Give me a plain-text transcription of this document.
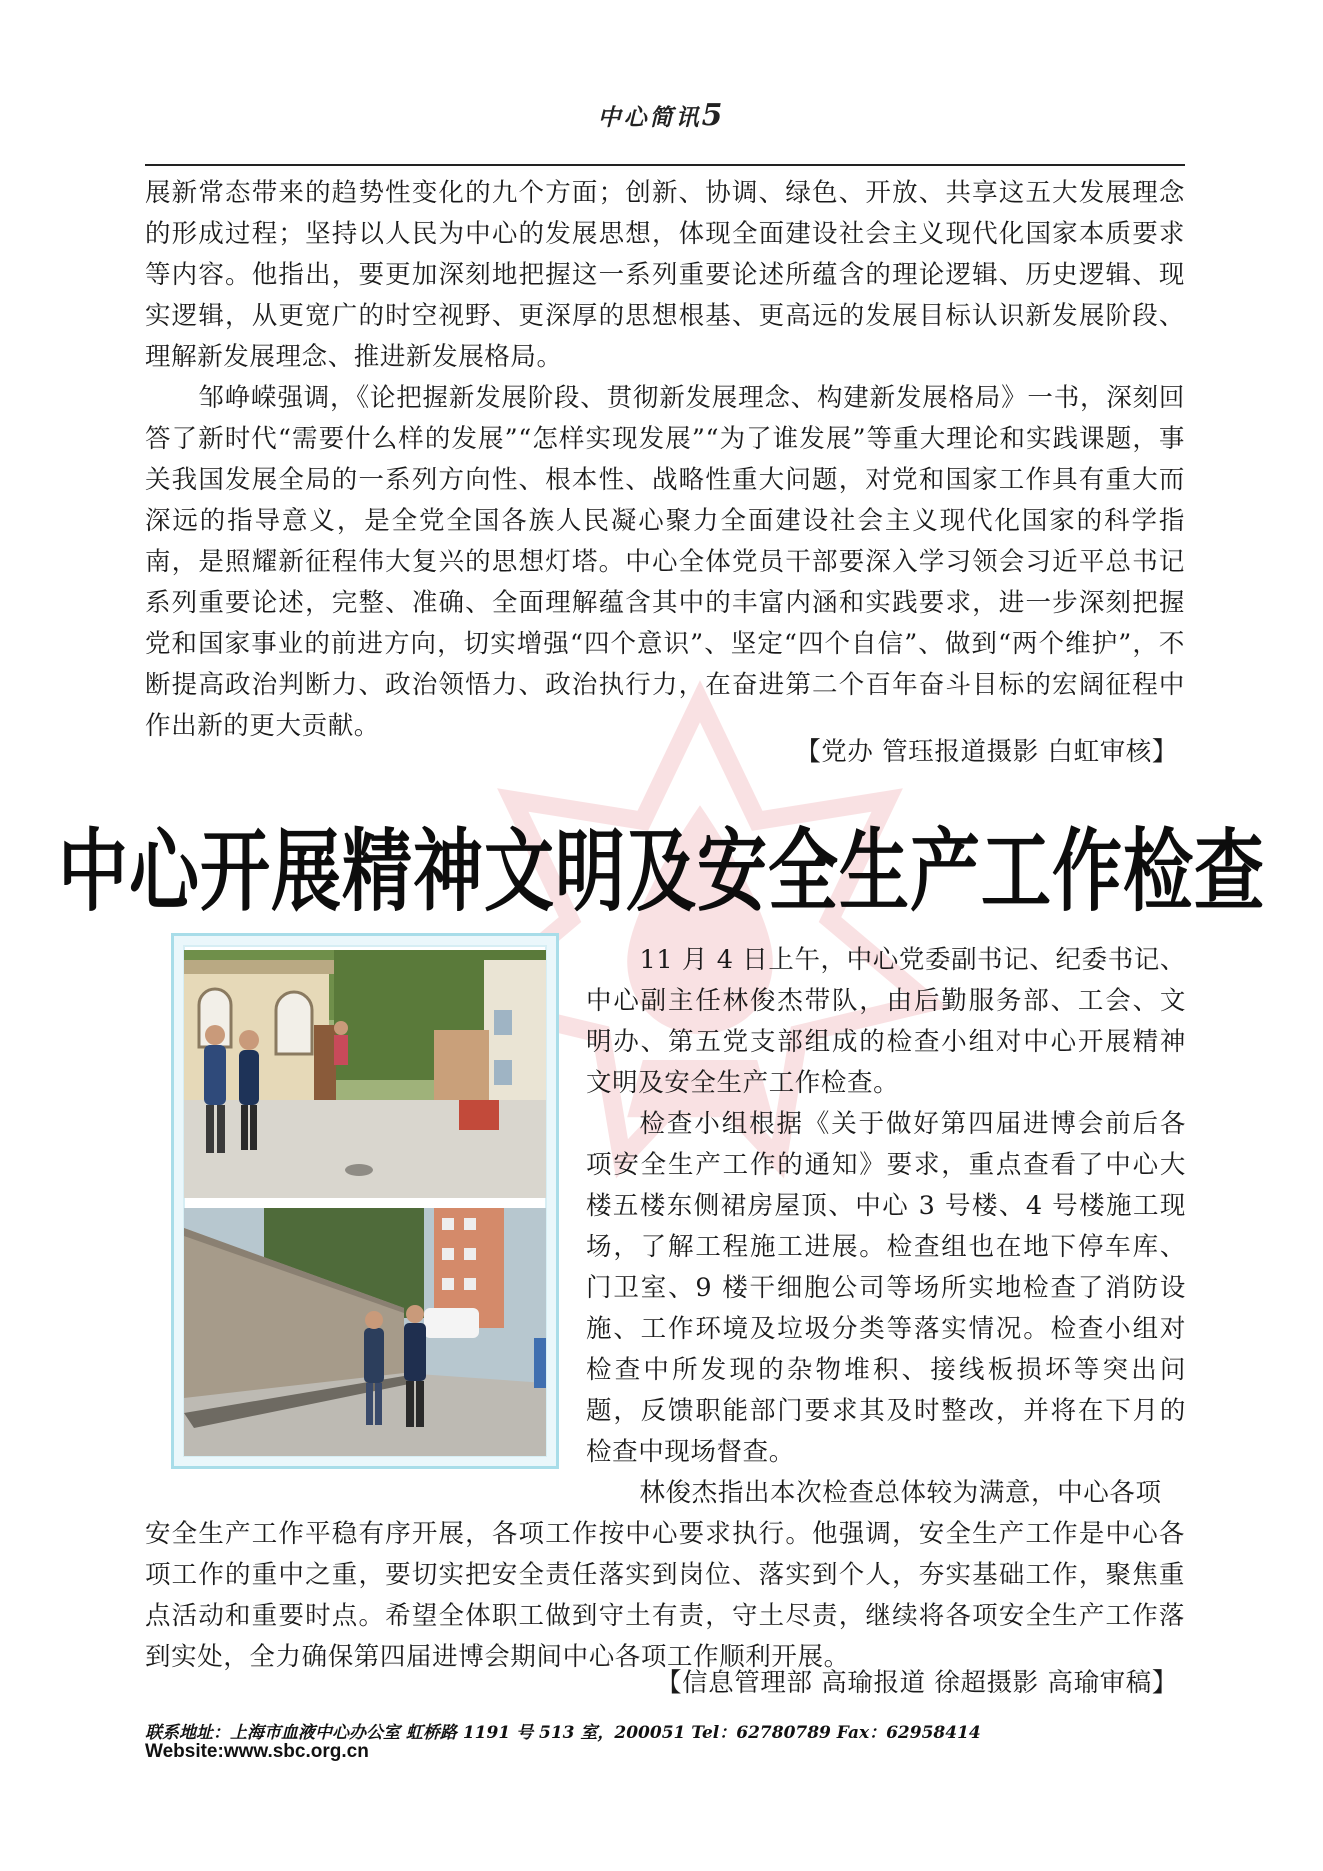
中心简讯5

展新常态带来的趋势性变化的九个方面；创新、协调、绿色、开放、共享这五大发展理念的形成过程；坚持以人民为中心的发展思想，体现全面建设社会主义现代化国家本质要求等内容。他指出，要更加深刻地把握这一系列重要论述所蕴含的理论逻辑、历史逻辑、现实逻辑，从更宽广的时空视野、更深厚的思想根基、更高远的发展目标认识新发展阶段、理解新发展理念、推进新发展格局。

邹峥嵘强调，《论把握新发展阶段、贯彻新发展理念、构建新发展格局》一书，深刻回答了新时代“需要什么样的发展”“怎样实现发展”“为了谁发展”等重大理论和实践课题，事关我国发展全局的一系列方向性、根本性、战略性重大问题，对党和国家工作具有重大而深远的指导意义，是全党全国各族人民凝心聚力全面建设社会主义现代化国家的科学指南，是照耀新征程伟大复兴的思想灯塔。中心全体党员干部要深入学习领会习近平总书记系列重要论述，完整、准确、全面理解蕴含其中的丰富内涵和实践要求，进一步深刻把握党和国家事业的前进方向，切实增强“四个意识”、坚定“四个自信”、做到“两个维护”，不断提高政治判断力、政治领悟力、政治执行力，在奋进第二个百年奋斗目标的宏阔征程中作出新的更大贡献。

【党办 管珏报道摄影 白虹审核】
中心开展精神文明及安全生产工作检查

11 月 4 日上午，中心党委副书记、纪委书记、中心副主任林俊杰带队，由后勤服务部、工会、文明办、第五党支部组成的检查小组对中心开展精神文明及安全生产工作检查。

检查小组根据《关于做好第四届进博会前后各项安全生产工作的通知》要求，重点查看了中心大楼五楼东侧裙房屋顶、中心 3 号楼、4 号楼施工现场，了解工程施工进展。检查组也在地下停车库、门卫室、9 楼干细胞公司等场所实地检查了消防设施、工作环境及垃圾分类等落实情况。检查小组对检查中所发现的杂物堆积、接线板损坏等突出问题，反馈职能部门要求其及时整改，并将在下月的检查中现场督查。

林俊杰指出本次检查总体较为满意，中心各项

安全生产工作平稳有序开展，各项工作按中心要求执行。他强调，安全生产工作是中心各项工作的重中之重，要切实把安全责任落实到岗位、落实到个人，夯实基础工作，聚焦重点活动和重要时点。希望全体职工做到守土有责，守土尽责，继续将各项安全生产工作落到实处，全力确保第四届进博会期间中心各项工作顺利开展。

【信息管理部 高瑜报道 徐超摄影 高瑜审稿】
联系地址：上海市血液中心办公室 虹桥路 1191 号 513 室，200051 Tel：62780789 Fax：62958414
Website:www.sbc.org.cn
